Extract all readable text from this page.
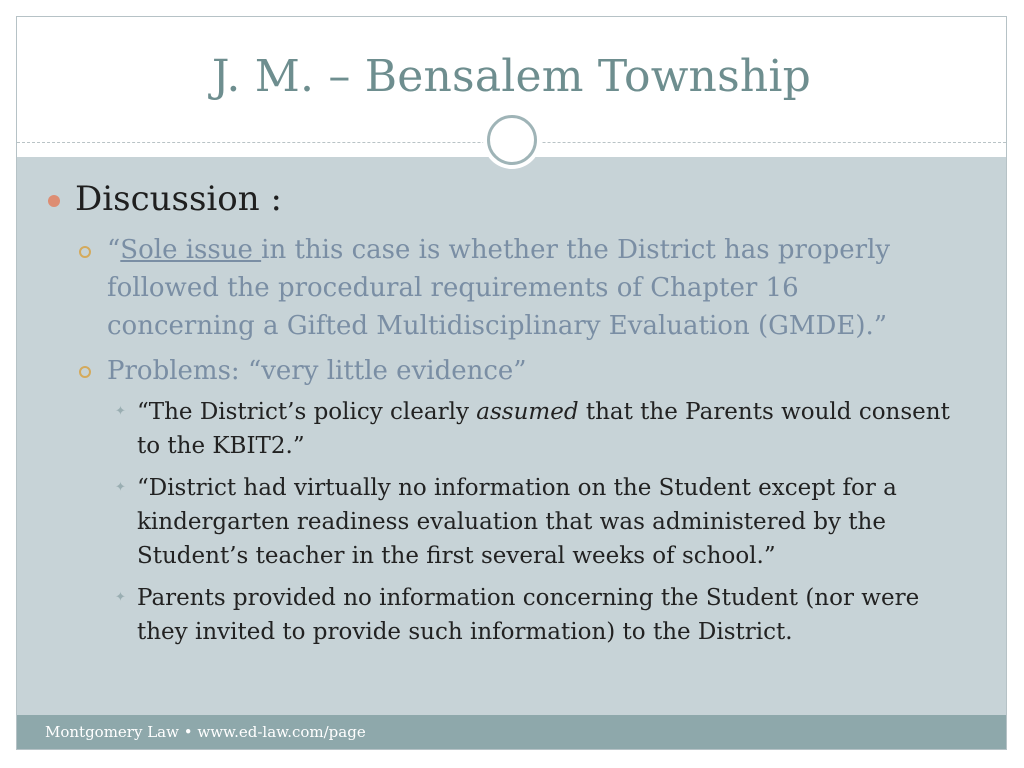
J. M. – Bensalem Township
Discussion :
“Sole issue in this case is whether the District has properly followed the procedural requirements of Chapter 16 concerning a Gifted Multidisciplinary Evaluation (GMDE).”
Problems: “very little evidence”
✦ “The District’s policy clearly assumed that the Parents would consent to the KBIT2.”
✦ “District had virtually no information on the Student except for a kindergarten readiness evaluation that was administered by the Student’s teacher in the first several weeks of school.”
✦ Parents provided no information concerning the Student (nor were they invited to provide such information) to the District.
Montgomery Law • www.ed-law.com/page
